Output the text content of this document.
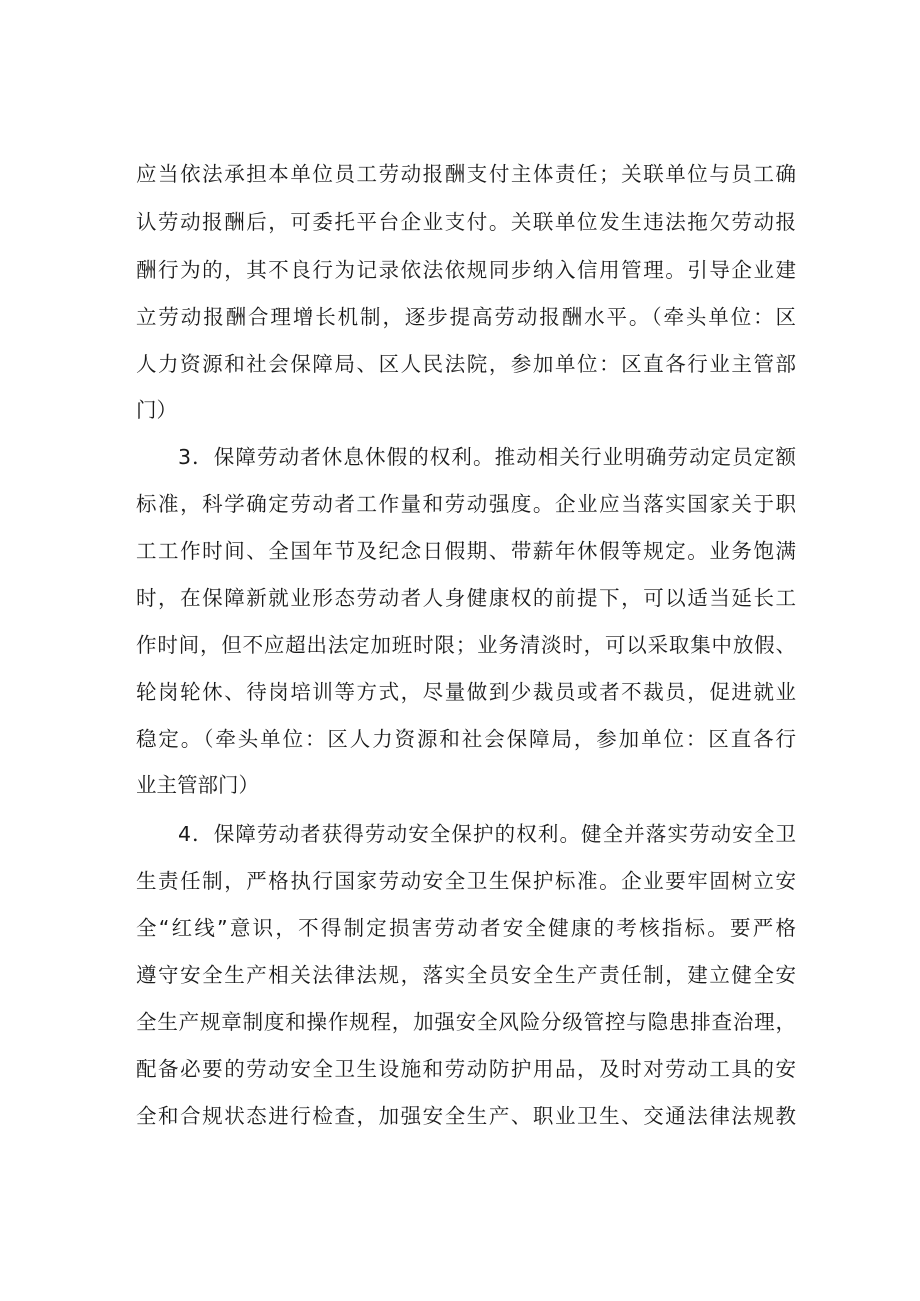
应当依法承担本单位员工劳动报酬支付主体责任；关联单位与员工确
认劳动报酬后，可委托平台企业支付。关联单位发生违法拖欠劳动报
酬行为的，其不良行为记录依法依规同步纳入信用管理。引导企业建
立劳动报酬合理增长机制，逐步提高劳动报酬水平。（牵头单位：区
人力资源和社会保障局、区人民法院，参加单位：区直各行业主管部
门）
3．保障劳动者休息休假的权利。推动相关行业明确劳动定员定额
标准，科学确定劳动者工作量和劳动强度。企业应当落实国家关于职
工工作时间、全国年节及纪念日假期、带薪年休假等规定。业务饱满
时，在保障新就业形态劳动者人身健康权的前提下，可以适当延长工
作时间，但不应超出法定加班时限；业务清淡时，可以采取集中放假、
轮岗轮休、待岗培训等方式，尽量做到少裁员或者不裁员，促进就业
稳定。（牵头单位：区人力资源和社会保障局，参加单位：区直各行
业主管部门）
4．保障劳动者获得劳动安全保护的权利。健全并落实劳动安全卫
生责任制，严格执行国家劳动安全卫生保护标准。企业要牢固树立安
全“红线”意识，不得制定损害劳动者安全健康的考核指标。要严格
遵守安全生产相关法律法规，落实全员安全生产责任制，建立健全安
全生产规章制度和操作规程，加强安全风险分级管控与隐患排查治理，
配备必要的劳动安全卫生设施和劳动防护用品，及时对劳动工具的安
全和合规状态进行检查，加强安全生产、职业卫生、交通法律法规教
